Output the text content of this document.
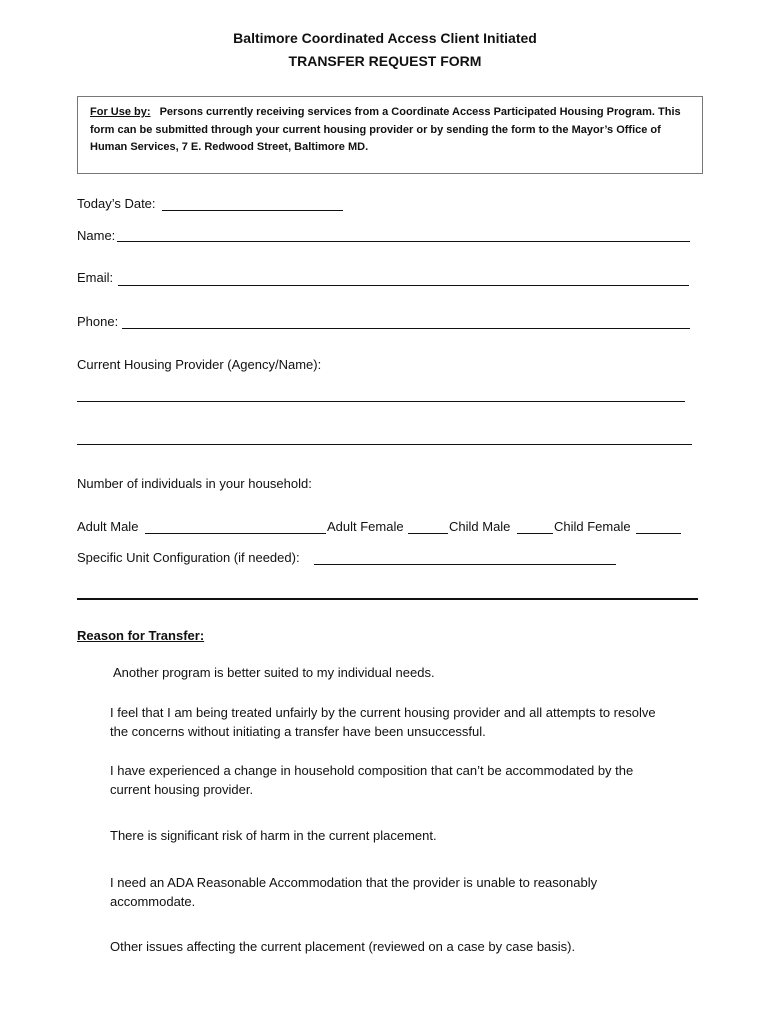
Baltimore Coordinated Access Client Initiated
TRANSFER REQUEST FORM
For Use by: Persons currently receiving services from a Coordinate Access Participated Housing Program. This form can be submitted through your current housing provider or by sending the form to the Mayor’s Office of Human Services, 7 E. Redwood Street, Baltimore MD.
Today’s Date:
Name:
Email:
Phone:
Current Housing Provider (Agency/Name):
Number of individuals in your household:
Adult Male	Adult Female	Child Male	Child Female
Specific Unit Configuration (if needed):
Reason for Transfer:
Another program is better suited to my individual needs.
I feel that I am being treated unfairly by the current housing provider and all attempts to resolve the concerns without initiating a transfer have been unsuccessful.
I have experienced a change in household composition that can’t be accommodated by the current housing provider.
There is significant risk of harm in the current placement.
I need an ADA Reasonable Accommodation that the provider is unable to reasonably accommodate.
Other issues affecting the current placement (reviewed on a case by case basis).
